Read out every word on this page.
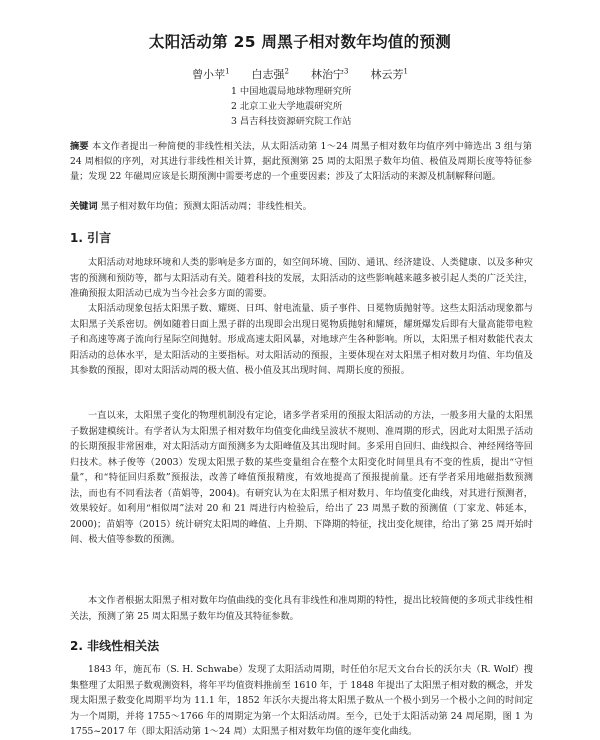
太阳活动第 25 周黑子相对数年均值的预测
曾小苹$^1$ 白志强$^2$ 林治宁$^3$ 林云芳$^1$
1 中国地震局地球物理研究所
2 北京工业大学地震研究所
3 昌吉科技资源研究院工作站
摘要 本文作者提出一种简便的非线性相关法，从太阳活动第 1～24 周黑子相对数年均值序列中筛选出 3 组与第 24 周相似的序列，对其进行非线性相关计算，据此预测第 25 周的太阳黑子数年均值、极值及周期长度等特征参量；发现 22 年磁周应该是长期预测中需要考虑的一个重要因素；涉及了太阳活动的来源及机制解释问题。
关键词 黑子相对数年均值；预测太阳活动周；非线性相关。
1. 引言
太阳活动对地球环境和人类的影响是多方面的，如空间环境、国防、通讯、经济建设、人类健康、以及多种灾害的预测和预防等，都与太阳活动有关。随着科技的发展，太阳活动的这些影响越来越多被引起人类的广泛关注，准确预报太阳活动已成为当今社会多方面的需要。
太阳活动现象包括太阳黑子数、耀斑、日珥、射电流量、质子事件、日冕物质抛射等。这些太阳活动现象都与太阳黑子关系密切。例如随着日面上黑子群的出现即会出现日冕物质抛射和耀斑，耀斑爆发后即有大量高能带电粒子和高速等离子流向行星际空间抛射。形成高速太阳风暴，对地球产生各种影响。所以，太阳黑子相对数能代表太阳活动的总体水平，是太阳活动的主要指标。对太阳活动的预报，主要体现在对太阳黑子相对数月均值、年均值及其参数的预报，即对太阳活动周的极大值、极小值及其出现时间、周期长度的预报。
一直以来，太阳黑子变化的物理机制没有定论，诸多学者采用的预报太阳活动的方法，一般多用大量的太阳黑子数据建模统计。有学者认为太阳黑子相对数年均值变化曲线呈波状不规则、准周期的形式，因此对太阳黑子活动的长期预报非常困难，对太阳活动方面预测多为太阳峰值及其出现时间。多采用自回归、曲线拟合、神经网络等回归技术。林子俊等（2003）发现太阳黑子数的某些变量组合在整个太阳变化时间里具有不变的性质，提出“守恒量”，和“特征回归系数”预报法，改善了峰值预报精度，有效地提高了预报提前量。还有学者采用地磁指数预测法，而也有不同看法者（苗娟等，2004)。有研究认为在太阳黑子相对数月、年均值变化曲线，对其进行预测者，效果较好。如利用“相似周”法对 20 和 21 周进行内检验后，给出了 23 周黑子数的预测值（丁家龙、韩延本，2000)；苗娟等（2015）统计研究太阳周的峰值、上升期、下降期的特征，找出变化规律，给出了第 25 周开始时间、极大值等参数的预测。
本文作者根据太阳黑子相对数年均值曲线的变化具有非线性和准周期的特性，提出比较简便的多项式非线性相关法，预测了第 25 周太阳黑子数年均值及其特征参数。
2. 非线性相关法
1843 年，施瓦布（S. H. Schwabe）发现了太阳活动周期，时任伯尔尼天文台台长的沃尔夫（R. Wolf）搜集整理了太阳黑子数观测资料，将年平均值资料推前至 1610 年，于 1848 年提出了太阳黑子相对数的概念，并发现太阳黑子数变化周期平均为 11.1 年，1852 年沃尔夫提出将太阳黑子数从一个极小到另一个极小之间的时间定为一个周期，并将 1755～1766 年的周期定为第一个太阳活动周。至今，已处于太阳活动第 24 周尾期，图 1 为 1755~2017 年（即太阳活动第 1～24 周）太阳黑子相对数年均值的逐年变化曲线。
